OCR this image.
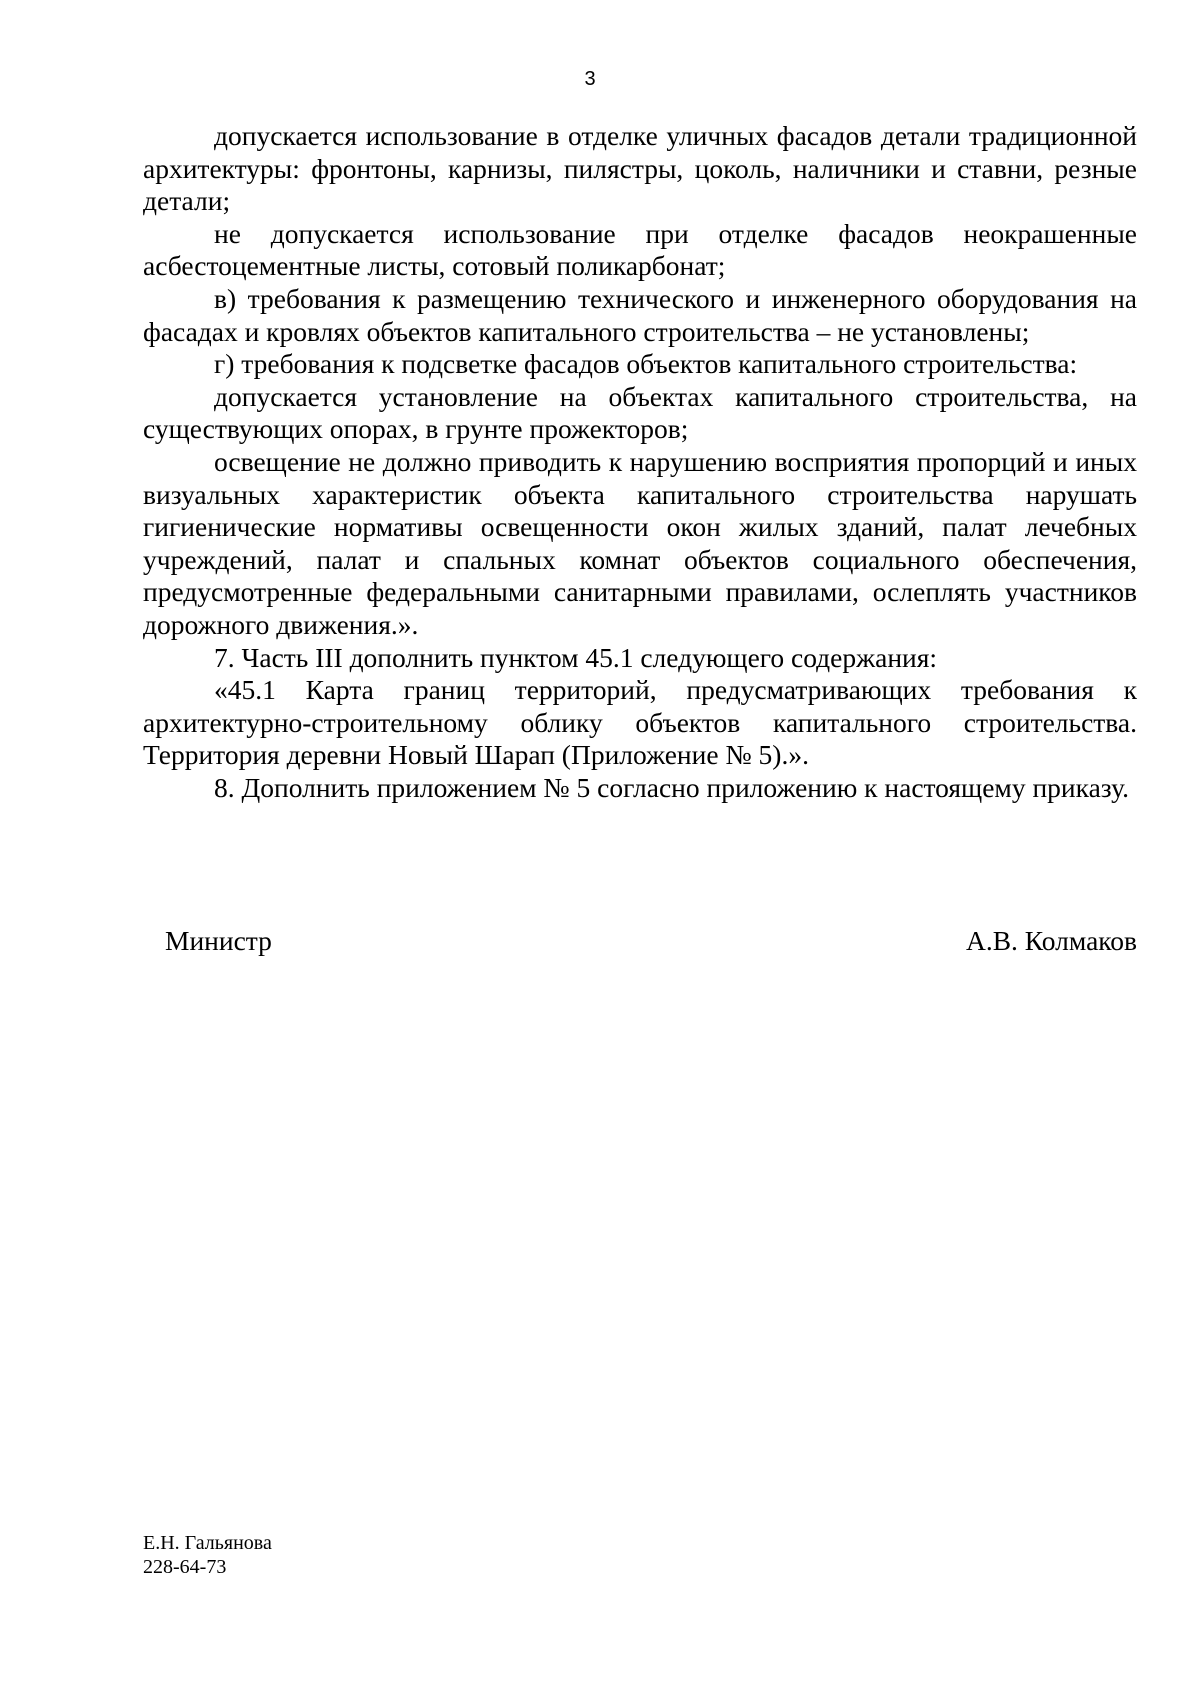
3

допускается использование в отделке уличных фасадов детали традиционной архитектуры: фронтоны, карнизы, пилястры, цоколь, наличники и ставни, резные детали;

не допускается использование при отделке фасадов неокрашенные асбестоцементные листы, сотовый поликарбонат;

в) требования к размещению технического и инженерного оборудования на фасадах и кровлях объектов капитального строительства – не установлены;

г) требования к подсветке фасадов объектов капитального строительства:

допускается установление на объектах капитального строительства, на существующих опорах, в грунте прожекторов;

освещение не должно приводить к нарушению восприятия пропорций и иных визуальных характеристик объекта капитального строительства нарушать гигиенические нормативы освещенности окон жилых зданий, палат лечебных учреждений, палат и спальных комнат объектов социального обеспечения, предусмотренные федеральными санитарными правилами, ослеплять участников дорожного движения.».

7. Часть III дополнить пунктом 45.1 следующего содержания:

«45.1 Карта границ территорий, предусматривающих требования к архитектурно-строительному облику объектов капитального строительства. Территория деревни Новый Шарап (Приложение № 5).».

8. Дополнить приложением № 5 согласно приложению к настоящему приказу.

Министр	А.В. Колмаков
Е.Н. Гальянова
228-64-73
